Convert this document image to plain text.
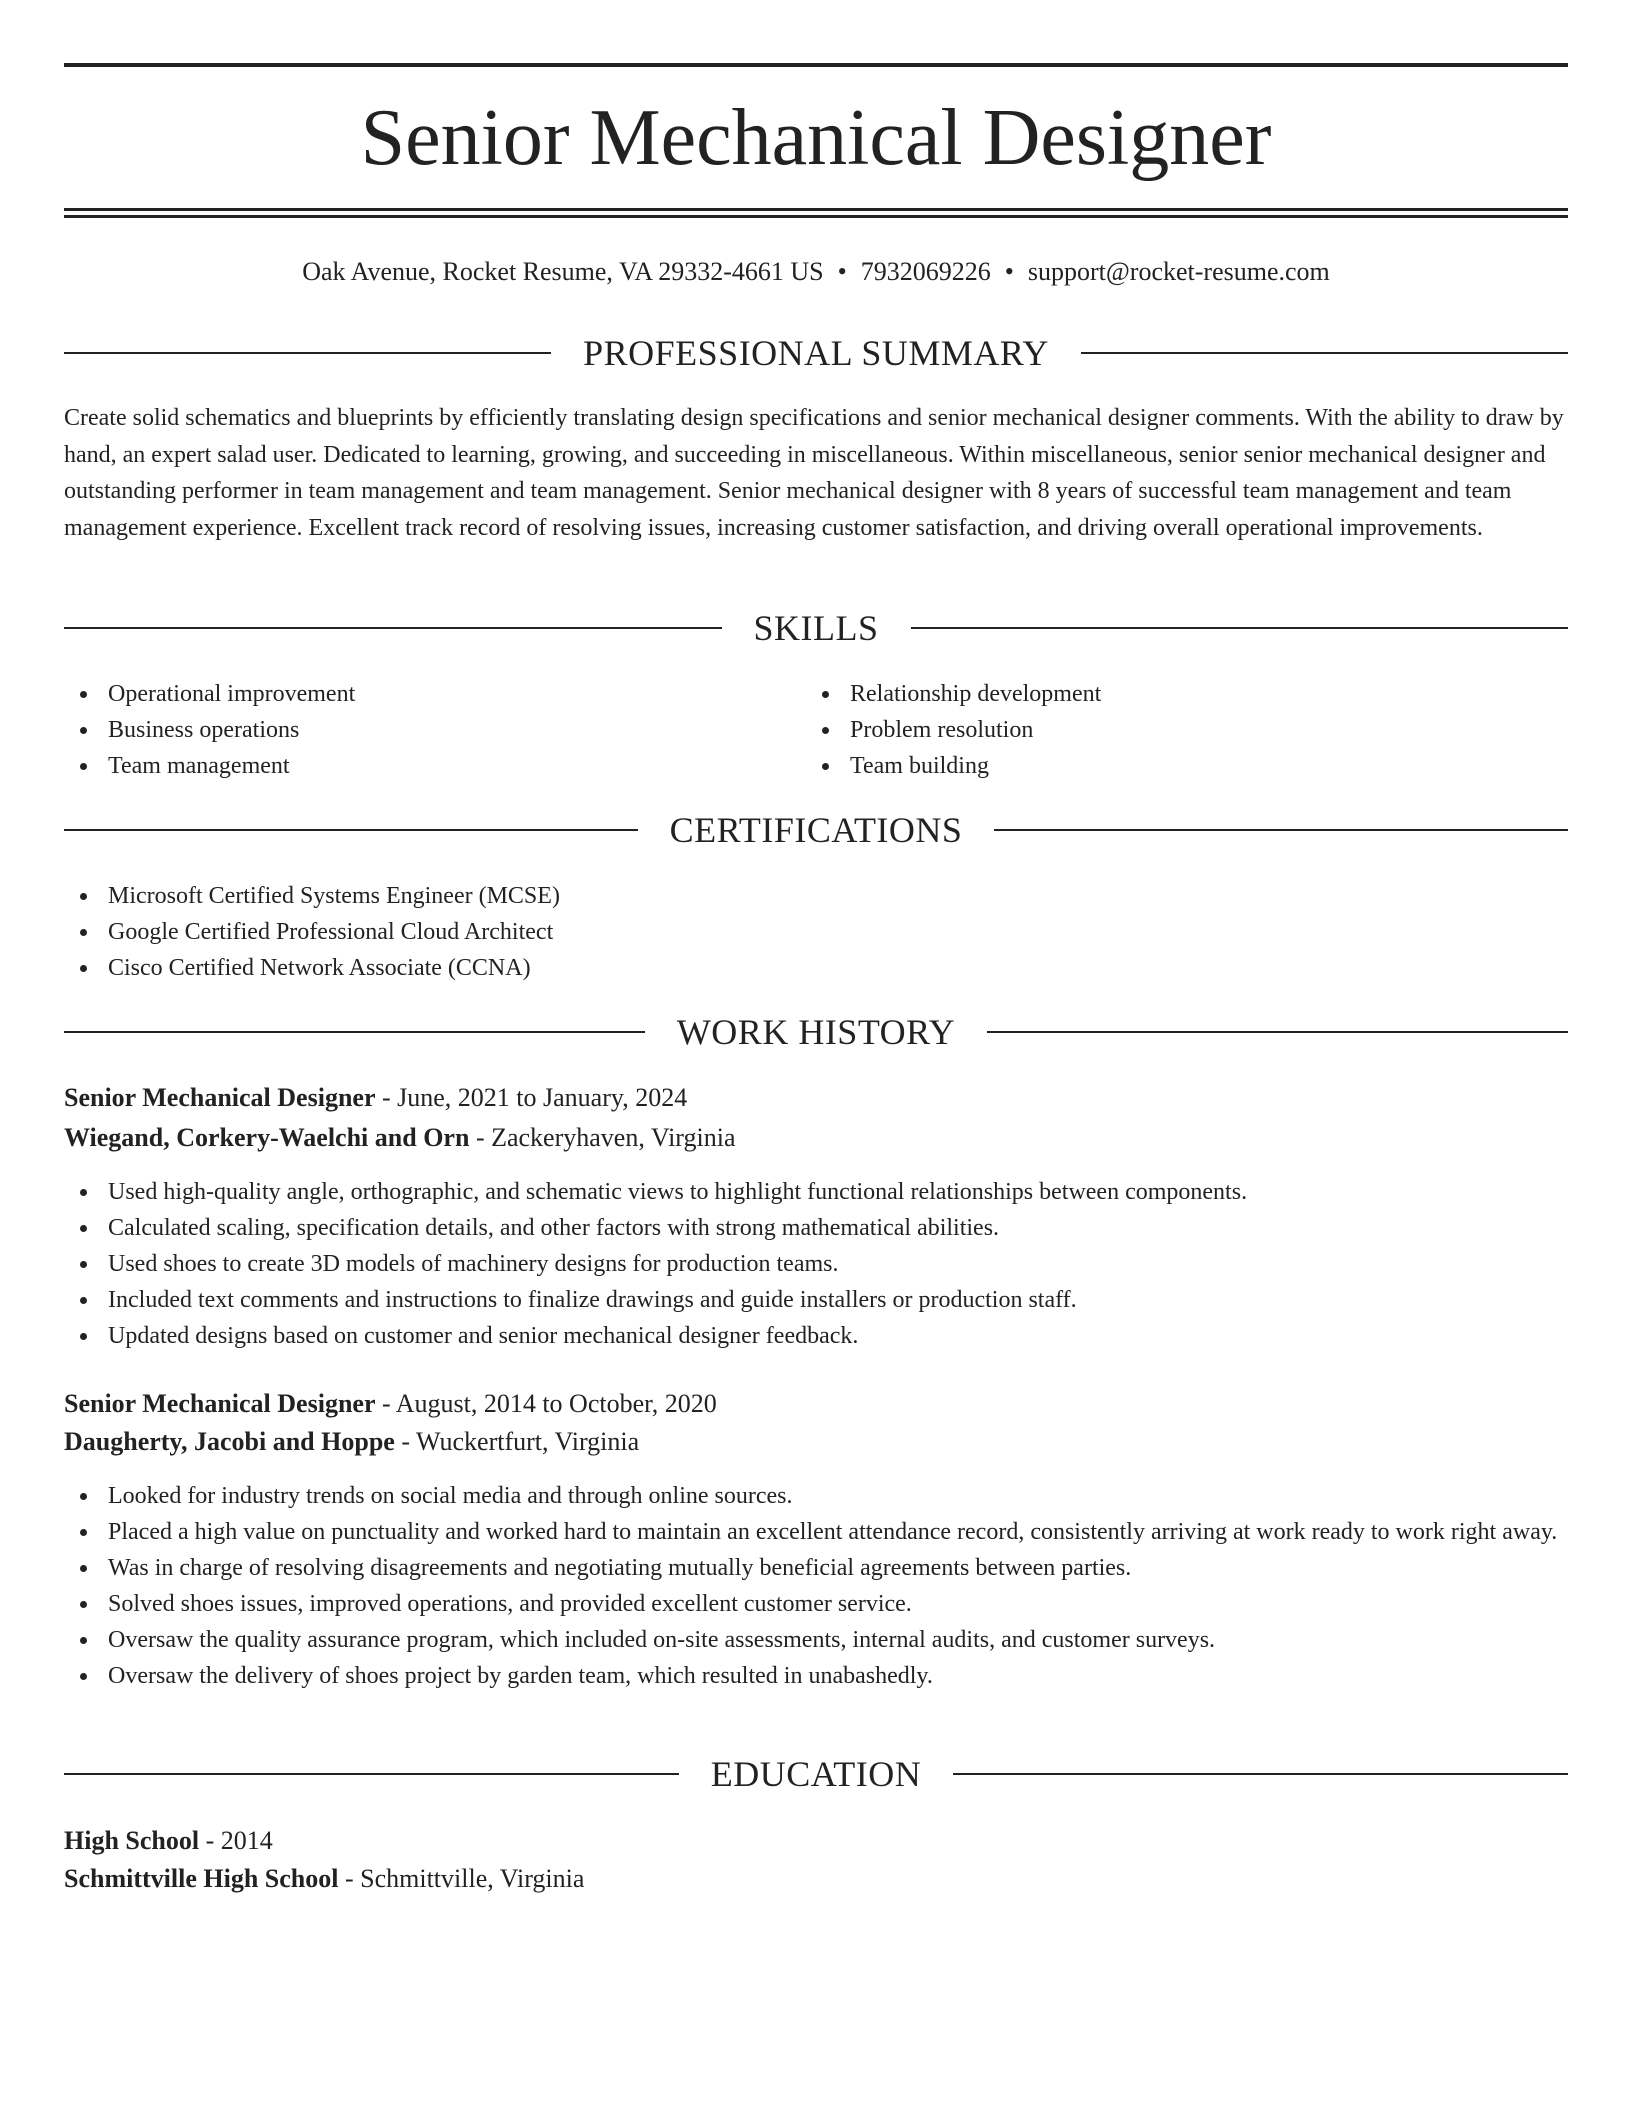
Senior Mechanical Designer
Oak Avenue, Rocket Resume, VA 29332-4661 US • 7932069226 • support@rocket-resume.com
PROFESSIONAL SUMMARY
Create solid schematics and blueprints by efficiently translating design specifications and senior mechanical designer comments. With the ability to draw by hand, an expert salad user. Dedicated to learning, growing, and succeeding in miscellaneous. Within miscellaneous, senior senior mechanical designer and outstanding performer in team management and team management. Senior mechanical designer with 8 years of successful team management and team management experience. Excellent track record of resolving issues, increasing customer satisfaction, and driving overall operational improvements.
SKILLS
Operational improvement
Business operations
Team management
Relationship development
Problem resolution
Team building
CERTIFICATIONS
Microsoft Certified Systems Engineer (MCSE)
Google Certified Professional Cloud Architect
Cisco Certified Network Associate (CCNA)
WORK HISTORY
Senior Mechanical Designer - June, 2021 to January, 2024
Wiegand, Corkery-Waelchi and Orn - Zackeryhaven, Virginia
Used high-quality angle, orthographic, and schematic views to highlight functional relationships between components.
Calculated scaling, specification details, and other factors with strong mathematical abilities.
Used shoes to create 3D models of machinery designs for production teams.
Included text comments and instructions to finalize drawings and guide installers or production staff.
Updated designs based on customer and senior mechanical designer feedback.
Senior Mechanical Designer - August, 2014 to October, 2020
Daugherty, Jacobi and Hoppe - Wuckertfurt, Virginia
Looked for industry trends on social media and through online sources.
Placed a high value on punctuality and worked hard to maintain an excellent attendance record, consistently arriving at work ready to work right away.
Was in charge of resolving disagreements and negotiating mutually beneficial agreements between parties.
Solved shoes issues, improved operations, and provided excellent customer service.
Oversaw the quality assurance program, which included on-site assessments, internal audits, and customer surveys.
Oversaw the delivery of shoes project by garden team, which resulted in unabashedly.
EDUCATION
High School - 2014
Schmittville High School - Schmittville, Virginia
